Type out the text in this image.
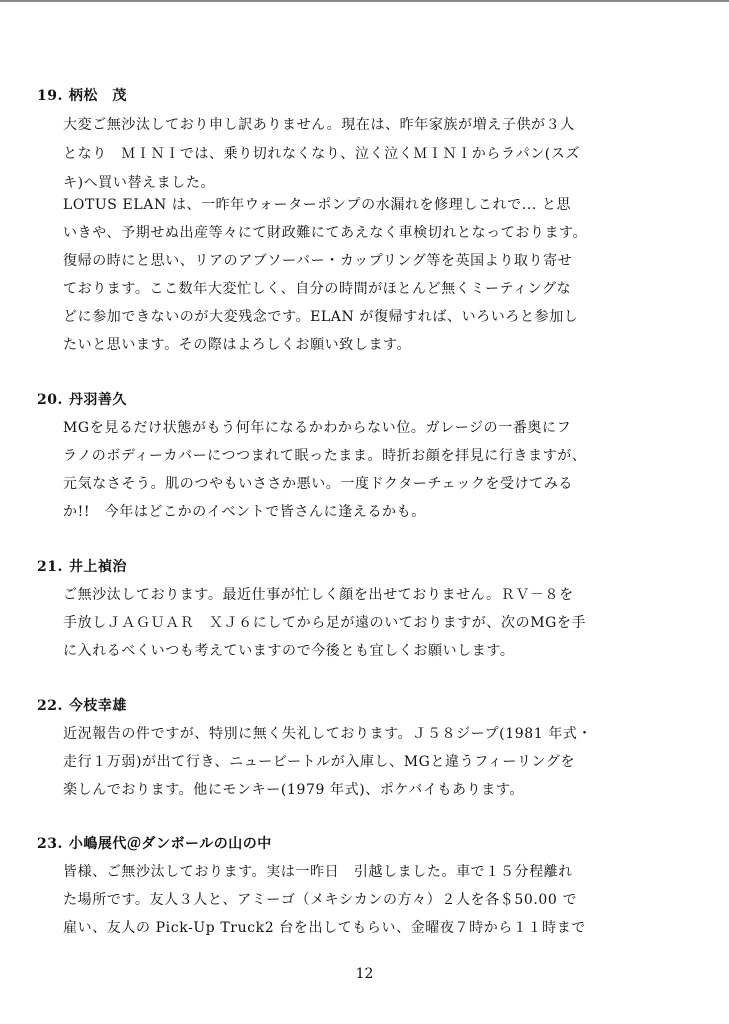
19. 柄松　茂
大変ご無沙汰しており申し訳ありません。現在は、昨年家族が増え子供が３人
となり　ＭＩＮＩでは、乗り切れなくなり、泣く泣くＭＩＮＩからラパン(スズ
キ)へ買い替えました。
LOTUS ELAN は、一昨年ウォーターポンプの水漏れを修理しこれで... と思
いきや、予期せぬ出産等々にて財政難にてあえなく車検切れとなっております。
復帰の時にと思い、リアのアブソーバー・カップリング等を英国より取り寄せ
ております。ここ数年大変忙しく、自分の時間がほとんど無くミーティングな
どに参加できないのが大変残念です。ELAN が復帰すれば、いろいろと参加し
たいと思います。その際はよろしくお願い致します。
20. 丹羽善久
MGを見るだけ状態がもう何年になるかわからない位。ガレージの一番奥にフ
ラノのボディーカバーにつつまれて眠ったまま。時折お顔を拝見に行きますが、
元気なさそう。肌のつやもいささか悪い。一度ドクターチェックを受けてみる
か!!　今年はどこかのイベントで皆さんに逢えるかも。
21. 井上禎治
ご無沙汰しております。最近仕事が忙しく顔を出せておりません。ＲＶ－８を
手放しＪＡＧＵＡＲ　ＸＪ６にしてから足が遠のいておりますが、次のMGを手
に入れるべくいつも考えていますので今後とも宜しくお願いします。
22. 今枝幸雄
近況報告の件ですが、特別に無く失礼しております。Ｊ５８ジープ(1981 年式・
走行１万弱)が出て行き、ニュービートルが入庫し、MGと違うフィーリングを
楽しんでおります。他にモンキー(1979 年式)、ポケバイもあります。
23. 小嶋展代＠ダンボールの山の中
皆様、ご無沙汰しております。実は一昨日　引越しました。車で１５分程離れ
た場所です。友人３人と、アミーゴ（メキシカンの方々）２人を各＄50.00 で
雇い、友人の Pick-Up Truck2 台を出してもらい、金曜夜７時から１１時まで
12
